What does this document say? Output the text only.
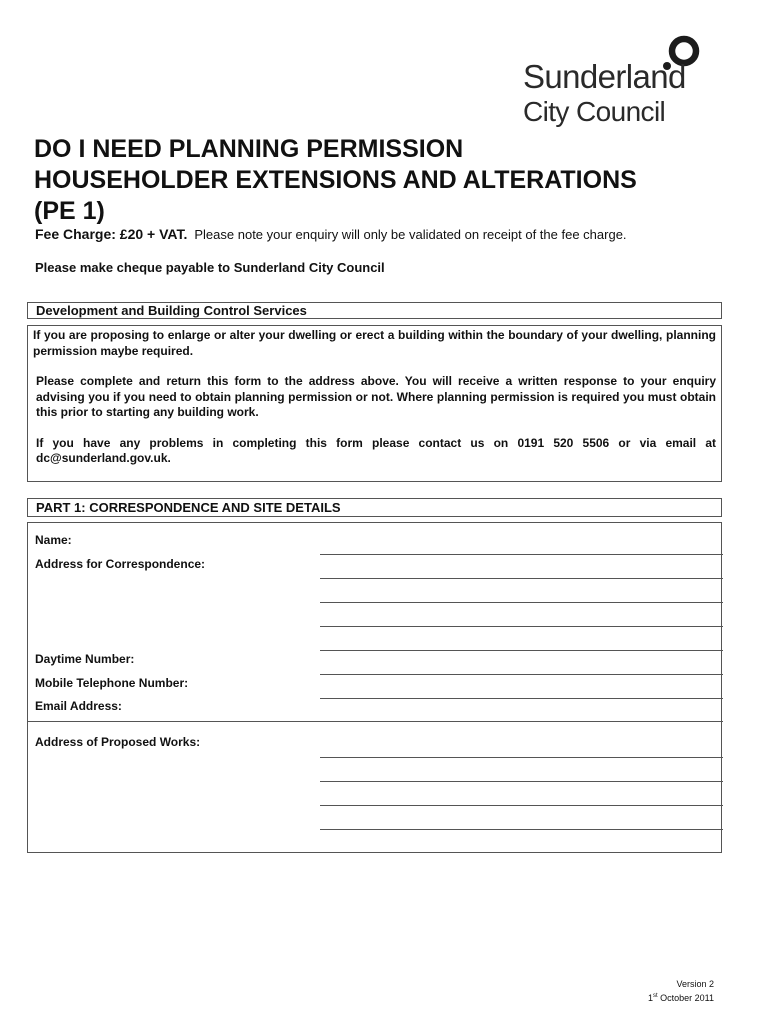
Sunderland
City Council
DO I NEED PLANNING PERMISSION
HOUSEHOLDER EXTENSIONS AND ALTERATIONS
(PE 1)
Fee Charge: £20 + VAT. Please note your enquiry will only be validated on receipt of the fee charge.
Please make cheque payable to Sunderland City Council
Development and Building Control Services

If you are proposing to enlarge or alter your dwelling or erect a building within the boundary of your dwelling, planning permission maybe required.

Please complete and return this form to the address above. You will receive a written response to your enquiry advising you if you need to obtain planning permission or not. Where planning permission is required you must obtain this prior to starting any building work.

If you have any problems in completing this form please contact us on 0191 520 5506 or via email at dc@sunderland.gov.uk.

PART 1: CORRESPONDENCE AND SITE DETAILS
Name:
Address for Correspondence:
Daytime Number:
Mobile Telephone Number:
Email Address:
Address of Proposed Works:
Version 2
1st October 2011
